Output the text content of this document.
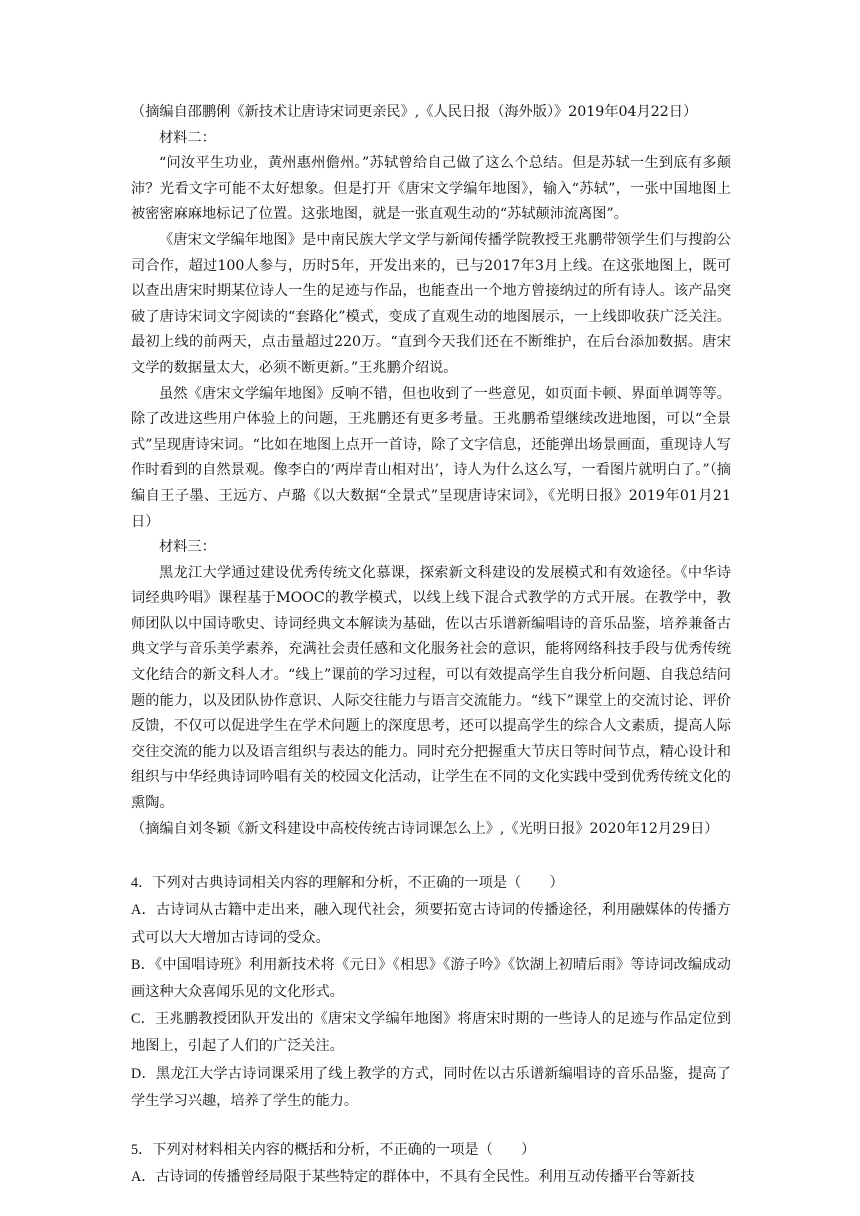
（摘编自邵鹏俐《新技术让唐诗宋词更亲民》,《人民日报（海外版）》2019年04月22日）

材料二：

“问汝平生功业，黄州惠州儋州。”苏轼曾给自己做了这么个总结。但是苏轼一生到底有多颠沛？光看文字可能不太好想象。但是打开《唐宋文学编年地图》，输入“苏轼”，一张中国地图上被密密麻麻地标记了位置。这张地图，就是一张直观生动的“苏轼颠沛流离图”。

《唐宋文学编年地图》是中南民族大学文学与新闻传播学院教授王兆鹏带领学生们与搜韵公司合作，超过100人参与，历时5年，开发出来的，已与2017年3月上线。在这张地图上，既可以查出唐宋时期某位诗人一生的足迹与作品，也能查出一个地方曾接纳过的所有诗人。该产品突破了唐诗宋词文字阅读的“套路化”模式，变成了直观生动的地图展示，一上线即收获广泛关注。最初上线的前两天，点击量超过220万。“直到今天我们还在不断维护，在后台添加数据。唐宋文学的数据量太大，必须不断更新。”王兆鹏介绍说。

虽然《唐宋文学编年地图》反响不错，但也收到了一些意见，如页面卡顿、界面单调等等。除了改进这些用户体验上的问题，王兆鹏还有更多考量。王兆鹏希望继续改进地图，可以“全景式”呈现唐诗宋词。“比如在地图上点开一首诗，除了文字信息，还能弹出场景画面，重现诗人写作时看到的自然景观。像李白的‘两岸青山相对出’，诗人为什么这么写，一看图片就明白了。”（摘编自王子墨、王远方、卢璐《以大数据“全景式”呈现唐诗宋词》，《光明日报》2019年01月21日）

材料三：

黑龙江大学通过建设优秀传统文化慕课，探索新文科建设的发展模式和有效途径。《中华诗词经典吟唱》课程基于MOOC的教学模式，以线上线下混合式教学的方式开展。在教学中，教师团队以中国诗歌史、诗词经典文本解读为基础，佐以古乐谱新编唱诗的音乐品鉴，培养兼备古典文学与音乐美学素养，充满社会责任感和文化服务社会的意识，能将网络科技手段与优秀传统文化结合的新文科人才。“线上”课前的学习过程，可以有效提高学生自我分析问题、自我总结问题的能力，以及团队协作意识、人际交往能力与语言交流能力。“线下”课堂上的交流讨论、评价反馈，不仅可以促进学生在学术问题上的深度思考，还可以提高学生的综合人文素质，提高人际交往交流的能力以及语言组织与表达的能力。同时充分把握重大节庆日等时间节点，精心设计和组织与中华经典诗词吟唱有关的校园文化活动，让学生在不同的文化实践中受到优秀传统文化的熏陶。

（摘编自刘冬颖《新文科建设中高校传统古诗词课怎么上》,《光明日报》2020年12月29日）

4．下列对古典诗词相关内容的理解和分析，不正确的一项是（　　）

A．古诗词从古籍中走出来，融入现代社会，须要拓宽古诗词的传播途径，利用融媒体的传播方式可以大大增加古诗词的受众。

B．《中国唱诗班》利用新技术将《元日》《相思》《游子吟》《饮湖上初晴后雨》等诗词改编成动画这种大众喜闻乐见的文化形式。

C．王兆鹏教授团队开发出的《唐宋文学编年地图》将唐宋时期的一些诗人的足迹与作品定位到地图上，引起了人们的广泛关注。

D．黑龙江大学古诗词课采用了线上教学的方式，同时佐以古乐谱新编唱诗的音乐品鉴，提高了学生学习兴趣，培养了学生的能力。

5．下列对材料相关内容的概括和分析，不正确的一项是（　　）

A．古诗词的传播曾经局限于某些特定的群体中，不具有全民性。利用互动传播平台等新技
